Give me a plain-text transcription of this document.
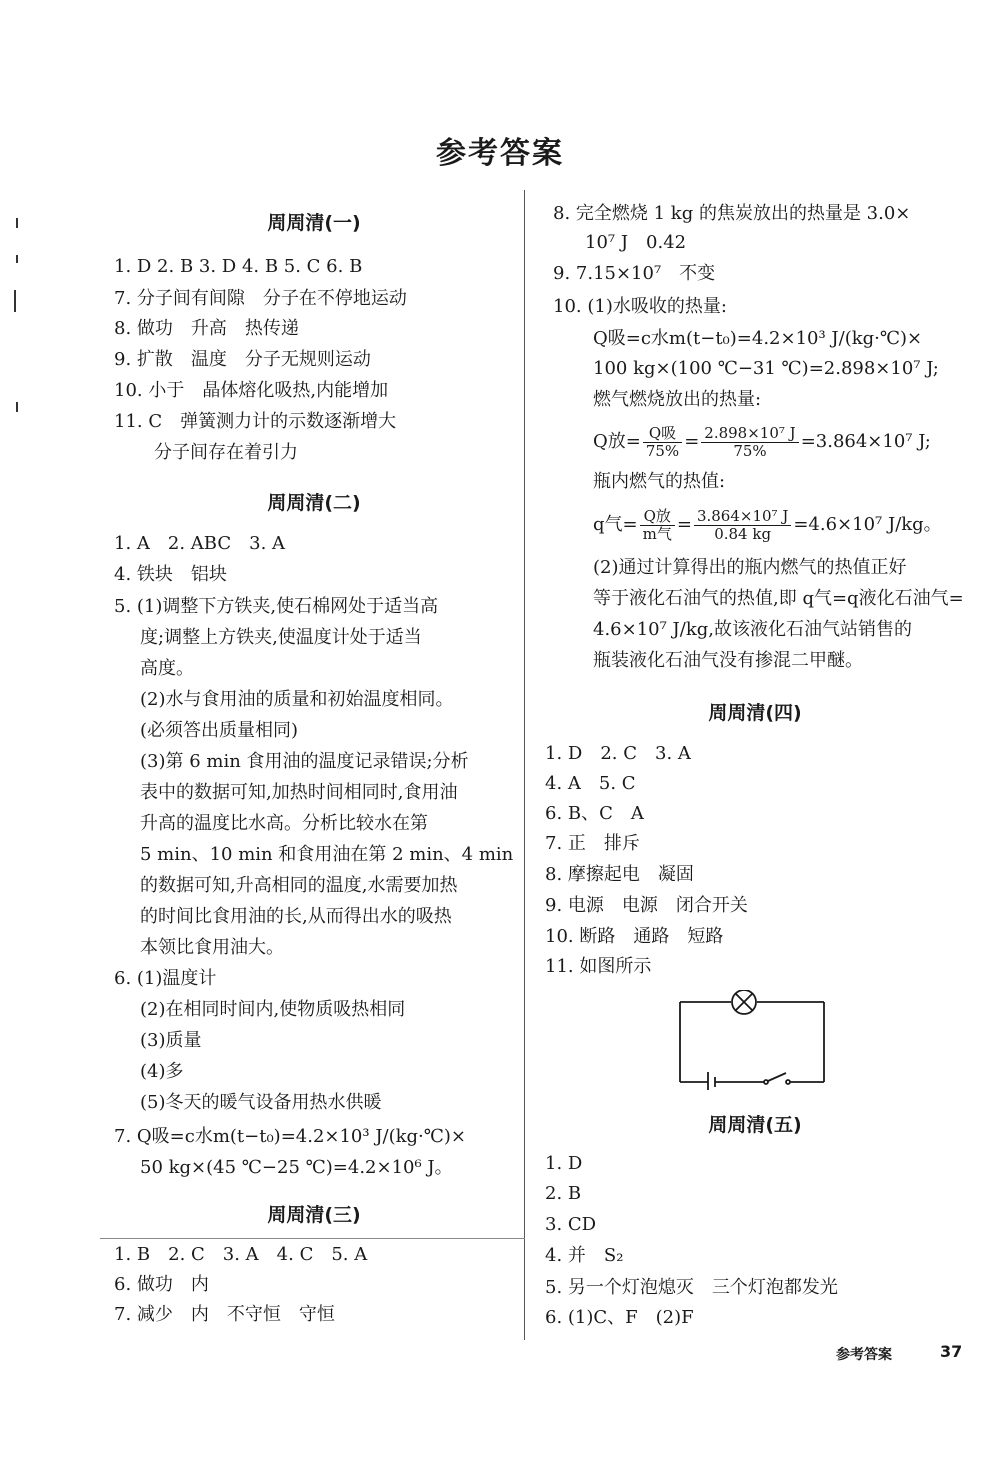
参考答案
周周清(一)
1. D 2. B 3. D 4. B 5. C 6. B
7. 分子间有间隙　分子在不停地运动
8. 做功　升高　热传递
9. 扩散　温度　分子无规则运动
10. 小于　晶体熔化吸热,内能增加
11. C　弹簧测力计的示数逐渐增大
分子间存在着引力
周周清(二)
1. A　2. ABC　3. A
4. 铁块　铝块
5. (1)调整下方铁夹,使石棉网处于适当高
度;调整上方铁夹,使温度计处于适当
高度。
(2)水与食用油的质量和初始温度相同。
(必须答出质量相同)
(3)第 6 min 食用油的温度记录错误;分析
表中的数据可知,加热时间相同时,食用油
升高的温度比水高。分析比较水在第
5 min、10 min 和食用油在第 2 min、4 min
的数据可知,升高相同的温度,水需要加热
的时间比食用油的长,从而得出水的吸热
本领比食用油大。
6. (1)温度计
(2)在相同时间内,使物质吸热相同
(3)质量
(4)多
(5)冬天的暖气设备用热水供暖
7. Q吸=c水m(t−t₀)=4.2×10³ J/(kg·℃)×
50 kg×(45 ℃−25 ℃)=4.2×10⁶ J。
周周清(三)
1. B　2. C　3. A　4. C　5. A
6. 做功　内
7. 减少　内　不守恒　守恒
8. 完全燃烧 1 kg 的焦炭放出的热量是 3.0×
10⁷ J　0.42
9. 7.15×10⁷　不变
10. (1)水吸收的热量:
Q吸=c水m(t−t₀)=4.2×10³ J/(kg·℃)×
100 kg×(100 ℃−31 ℃)=2.898×10⁷ J;
燃气燃烧放出的热量:
Q放= $\frac{\text{Q吸}}{75\%} = \frac{\text{2.898×10⁷ J}}{75\%} =3.864\times 10^7$ J;
瓶内燃气的热值:
q气= $\frac{\text{Q放}}{\text{m气}} = \frac{\text{3.864×10⁷ J}}{0.84 kg} =4.6\times 10^7$ J/kg。
(2)通过计算得出的瓶内燃气的热值正好
等于液化石油气的热值,即 q气=q液化石油气=
4.6×10⁷ J/kg,故该液化石油气站销售的
瓶装液化石油气没有掺混二甲醚。
周周清(四)
1. D　2. C　3. A
4. A　5. C
6. B、C　A
7. 正　排斥
8. 摩擦起电　凝固
9. 电源　电源　闭合开关
10. 断路　通路　短路
11. 如图所示
周周清(五)
1. D
2. B
3. CD
4. 并　S₂
5. 另一个灯泡熄灭　三个灯泡都发光
6. (1)C、F　(2)F
参考答案	37
